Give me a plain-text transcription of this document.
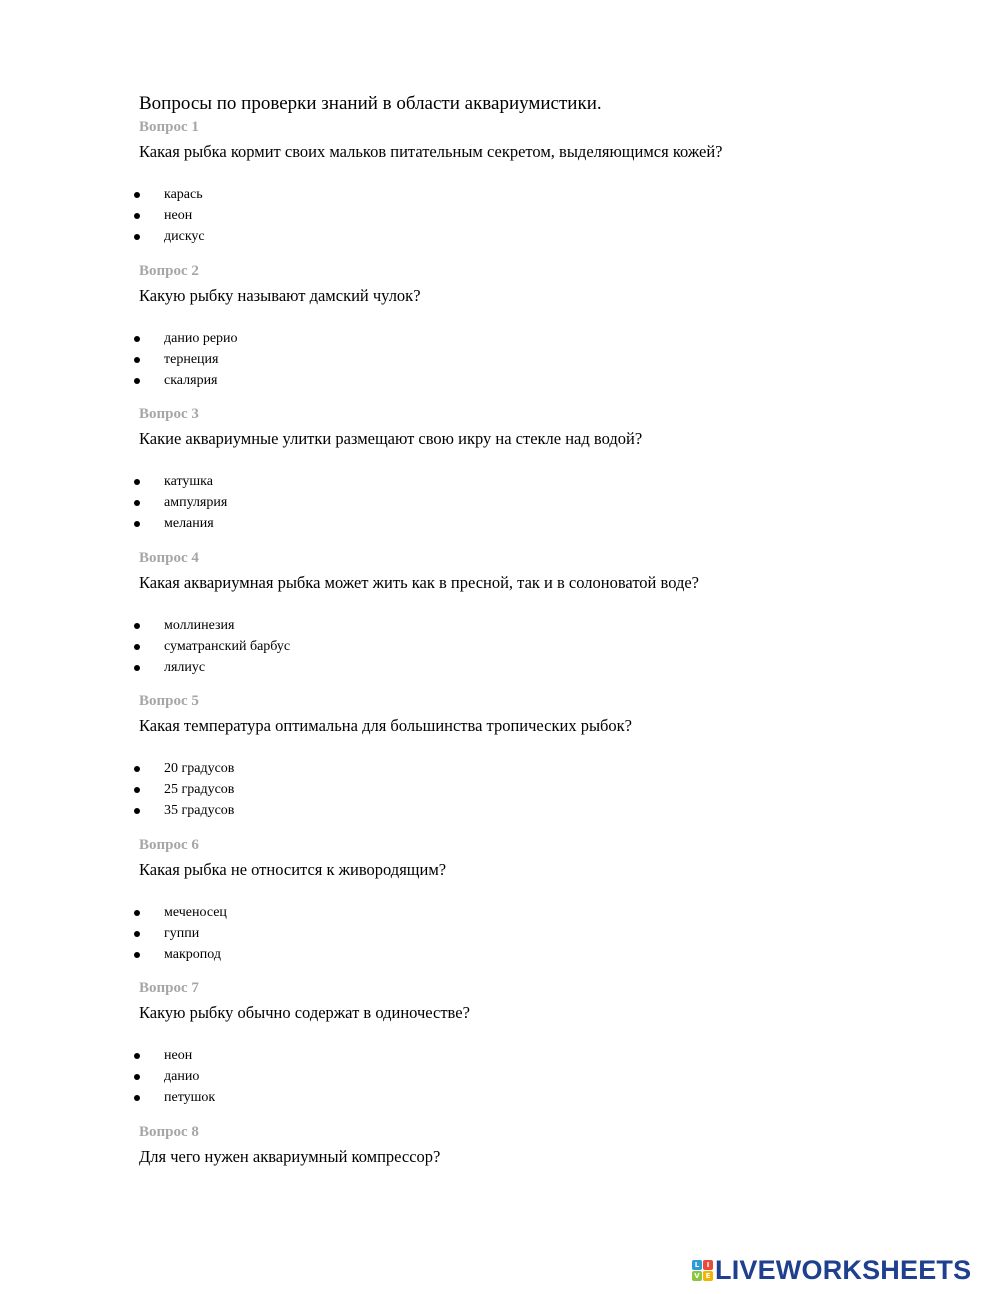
Вопросы по проверки знаний в области аквариумистики.
Вопрос 1
Какая рыбка кормит своих мальков питательным секретом, выделяющимся кожей?
карась
неон
дискус
Вопрос 2
Какую рыбку называют дамский чулок?
данио рерио
тернеция
скалярия
Вопрос 3
Какие аквариумные улитки размещают свою икру на стекле над водой?
катушка
ампулярия
мелания
Вопрос 4
Какая аквариумная рыбка может жить как в пресной, так и в солоноватой воде?
моллинезия
суматранский барбус
лялиус
Вопрос 5
Какая температура оптимальна для большинства тропических рыбок?
20 градусов
25 градусов
35 градусов
Вопрос 6
Какая рыбка не относится к живородящим?
меченосец
гуппи
макропод
Вопрос 7
Какую рыбку обычно содержат в одиночестве?
неон
данио
петушок
Вопрос 8
Для чего нужен аквариумный компрессор?
L	I
V E LIVEWORKSHEETS
